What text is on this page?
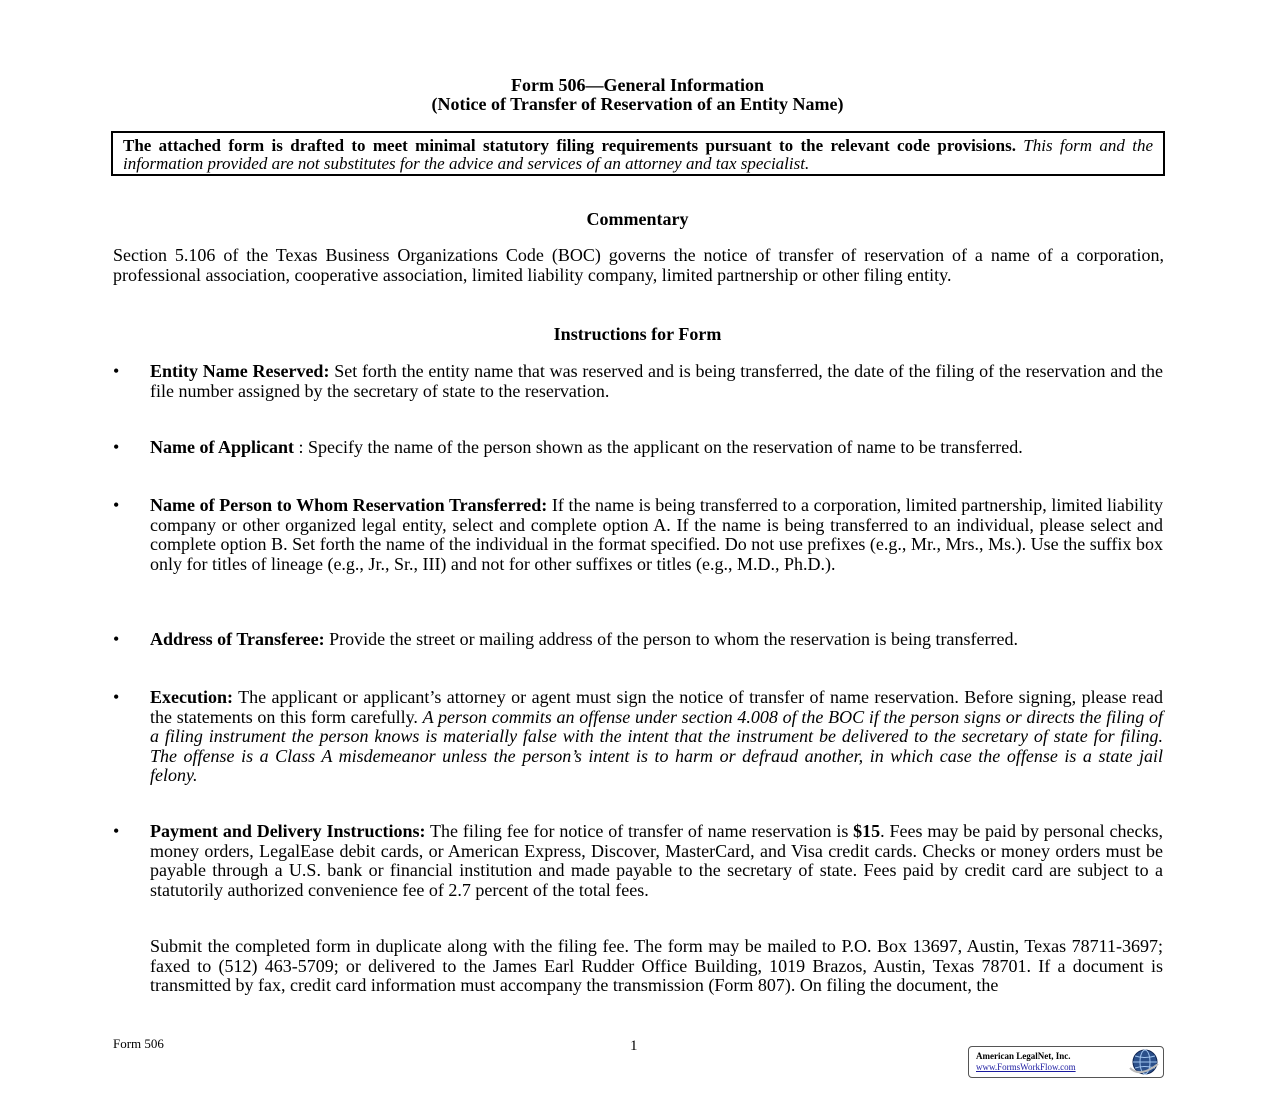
Form 506—General Information
(Notice of Transfer of Reservation of an Entity Name)
The attached form is drafted to meet minimal statutory filing requirements pursuant to the relevant code provisions. This form and the information provided are not substitutes for the advice and services of an attorney and tax specialist.
Commentary
Section 5.106 of the Texas Business Organizations Code (BOC) governs the notice of transfer of reservation of a name of a corporation, professional association, cooperative association, limited liability company, limited partnership or other filing entity.
Instructions for Form
• Entity Name Reserved: Set forth the entity name that was reserved and is being transferred, the date of the filing of the reservation and the file number assigned by the secretary of state to the reservation.
• Name of Applicant : Specify the name of the person shown as the applicant on the reservation of name to be transferred.
• Name of Person to Whom Reservation Transferred: If the name is being transferred to a corporation, limited partnership, limited liability company or other organized legal entity, select and complete option A. If the name is being transferred to an individual, please select and complete option B. Set forth the name of the individual in the format specified. Do not use prefixes (e.g., Mr., Mrs., Ms.). Use the suffix box only for titles of lineage (e.g., Jr., Sr., III) and not for other suffixes or titles (e.g., M.D., Ph.D.).
• Address of Transferee: Provide the street or mailing address of the person to whom the reservation is being transferred.
• Execution: The applicant or applicant’s attorney or agent must sign the notice of transfer of name reservation. Before signing, please read the statements on this form carefully. A person commits an offense under section 4.008 of the BOC if the person signs or directs the filing of a filing instrument the person knows is materially false with the intent that the instrument be delivered to the secretary of state for filing. The offense is a Class A misdemeanor unless the person’s intent is to harm or defraud another, in which case the offense is a state jail felony.
• Payment and Delivery Instructions: The filing fee for notice of transfer of name reservation is $15. Fees may be paid by personal checks, money orders, LegalEase debit cards, or American Express, Discover, MasterCard, and Visa credit cards. Checks or money orders must be payable through a U.S. bank or financial institution and made payable to the secretary of state. Fees paid by credit card are subject to a statutorily authorized convenience fee of 2.7 percent of the total fees.
Submit the completed form in duplicate along with the filing fee. The form may be mailed to P.O. Box 13697, Austin, Texas 78711-3697; faxed to (512) 463-5709; or delivered to the James Earl Rudder Office Building, 1019 Brazos, Austin, Texas 78701. If a document is transmitted by fax, credit card information must accompany the transmission (Form 807). On filing the document, the
Form 506	1
American LegalNet, Inc.
www.FormsWorkFlow.com
